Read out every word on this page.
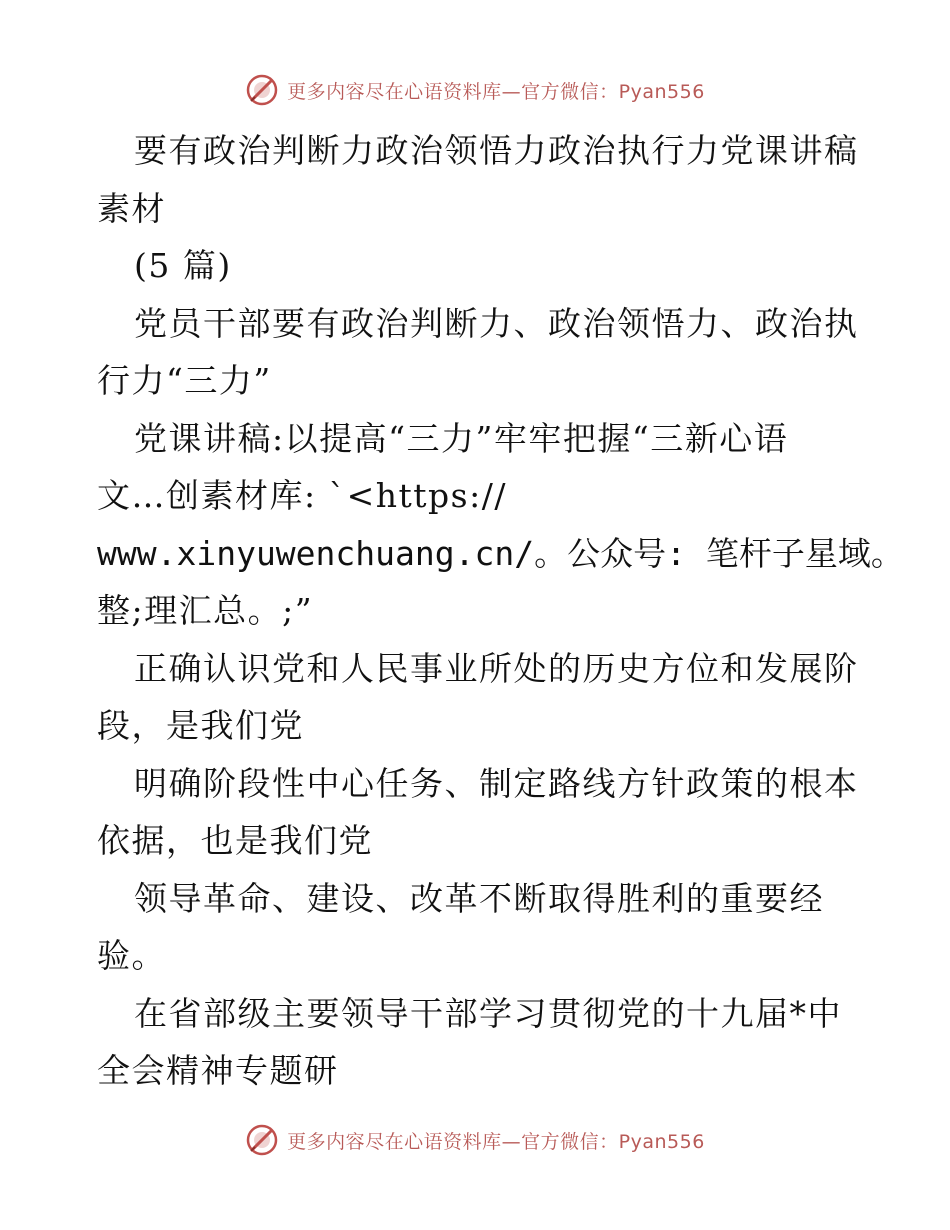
更多内容尽在心语资料库—官方微信：Pyan556
要有政治判断力政治领悟力政治执行力党课讲稿
素材
(5 篇)
党员干部要有政治判断力、政治领悟力、政治执
行力“三力”
党课讲稿:以提高“三力”牢牢把握“三新心语
文…创素材库: `<https://
www.xinyuwenchuang.cn/。公众号: 笔杆子星域。
整;理汇总。;”
正确认识党和人民事业所处的历史方位和发展阶
段，是我们党
明确阶段性中心任务、制定路线方针政策的根本
依据，也是我们党
领导革命、建设、改革不断取得胜利的重要经
验。
在省部级主要领导干部学习贯彻党的十九届*中
全会精神专题研
更多内容尽在心语资料库—官方微信：Pyan556
